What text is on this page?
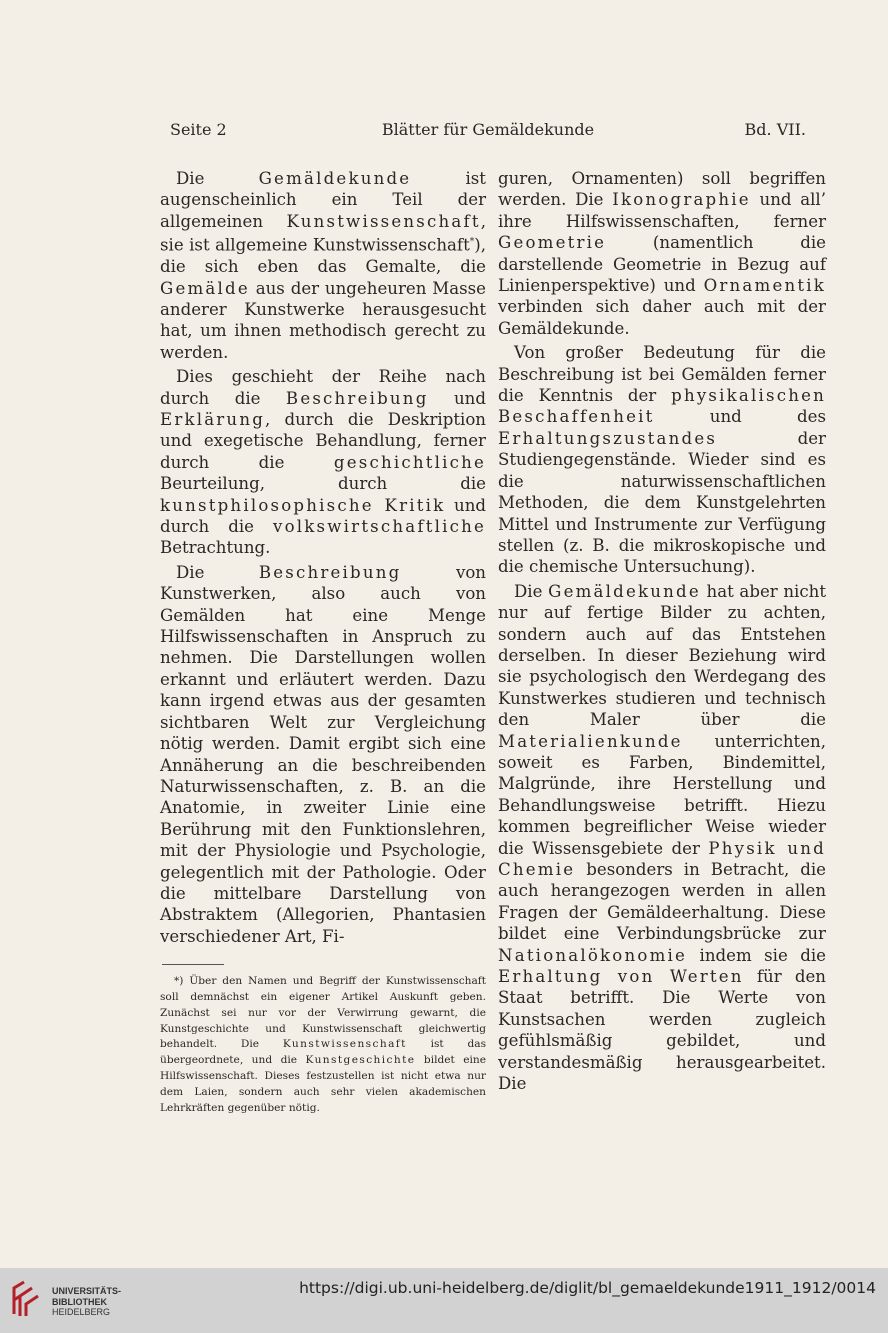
Seite 2	Blätter für Gemäldekunde	Bd. VII.

Die Gemäldekunde ist augenscheinlich ein Teil der allgemeinen Kunstwissenschaft, sie ist allgemeine Kunstwissenschaft*), die sich eben das Gemalte, die Gemälde aus der ungeheuren Masse anderer Kunstwerke herausgesucht hat, um ihnen methodisch gerecht zu werden.

Dies geschieht der Reihe nach durch die Beschreibung und Erklärung, durch die Deskription und exegetische Behandlung, ferner durch die geschichtliche Beurteilung, durch die kunstphilosophische Kritik und durch die volkswirtschaftliche Betrachtung.

Die Beschreibung von Kunstwerken, also auch von Gemälden hat eine Menge Hilfswissenschaften in Anspruch zu nehmen. Die Darstellungen wollen erkannt und erläutert werden. Dazu kann irgend etwas aus der gesamten sichtbaren Welt zur Vergleichung nötig werden. Damit ergibt sich eine Annäherung an die beschreibenden Naturwissenschaften, z. B. an die Anatomie, in zweiter Linie eine Berührung mit den Funktionslehren, mit der Physiologie und Psychologie, gelegentlich mit der Pathologie. Oder die mittelbare Darstellung von Abstraktem (Allegorien, Phantasien verschiedener Art, Fi-

*) Über den Namen und Begriff der Kunstwissenschaft soll demnächst ein eigener Artikel Auskunft geben. Zunächst sei nur vor der Verwirrung gewarnt, die Kunstgeschichte und Kunstwissenschaft gleichwertig behandelt. Die Kunstwissenschaft ist das übergeordnete, und die Kunstgeschichte bildet eine Hilfswissenschaft. Dieses festzustellen ist nicht etwa nur dem Laien, sondern auch sehr vielen akademischen Lehrkräften gegenüber nötig.

guren, Ornamenten) soll begriffen werden. Die Ikonographie und all’ ihre Hilfswissenschaften, ferner Geometrie (namentlich die darstellende Geometrie in Bezug auf Linienperspektive) und Ornamentik verbinden sich daher auch mit der Gemäldekunde.

Von großer Bedeutung für die Beschreibung ist bei Gemälden ferner die Kenntnis der physikalischen Beschaffenheit und des Erhaltungszustandes der Studiengegenstände. Wieder sind es die naturwissenschaftlichen Methoden, die dem Kunstgelehrten Mittel und Instrumente zur Verfügung stellen (z. B. die mikroskopische und die chemische Untersuchung).

Die Gemäldekunde hat aber nicht nur auf fertige Bilder zu achten, sondern auch auf das Entstehen derselben. In dieser Beziehung wird sie psychologisch den Werdegang des Kunstwerkes studieren und technisch den Maler über die Materialienkunde unterrichten, soweit es Farben, Bindemittel, Malgründe, ihre Herstellung und Behandlungsweise betrifft. Hiezu kommen begreiflicher Weise wieder die Wissensgebiete der Physik und Chemie besonders in Betracht, die auch herangezogen werden in allen Fragen der Gemäldeerhaltung. Diese bildet eine Verbindungsbrücke zur Nationalökonomie indem sie die Erhaltung von Werten für den Staat betrifft. Die Werte von Kunstsachen werden zugleich gefühlsmäßig gebildet, und verstandesmäßig herausgearbeitet. Die

UNIVERSITÄTS-
BIBLIOTHEK
HEIDELBERG
https://digi.ub.uni-heidelberg.de/diglit/bl_gemaeldekunde1911_1912/0014
